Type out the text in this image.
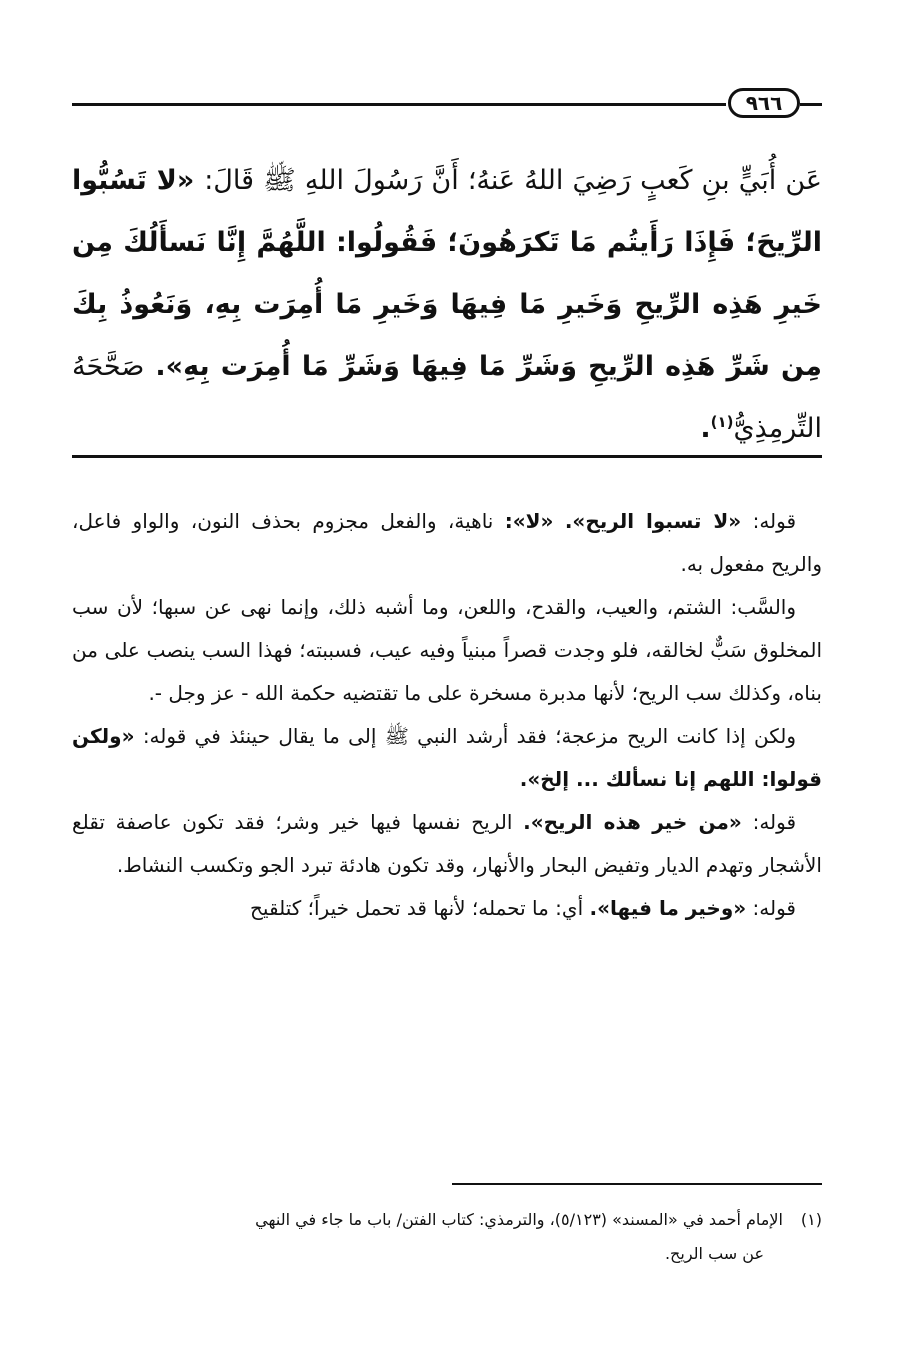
٩٦٦

عَن أُبَيٍّ بنِ كَعبٍ رَضِيَ اللهُ عَنهُ؛ أَنَّ رَسُولَ اللهِ ﷺ قَالَ: «لا تَسُبُّوا الرِّيحَ؛ فَإِذَا رَأَيتُم مَا تَكرَهُونَ؛ فَقُولُوا: اللَّهُمَّ إِنَّا نَسأَلُكَ مِن خَيرِ هَذِه الرِّيحِ وَخَيرِ مَا فِيهَا وَخَيرِ مَا أُمِرَت بِهِ، وَنَعُوذُ بِكَ مِن شَرِّ هَذِه الرِّيحِ وَشَرِّ مَا فِيهَا وَشَرِّ مَا أُمِرَت بِهِ». صَحَّحَهُ التِّرمِذِيُّ$^{(١)}$.

قوله: «لا تسبوا الريح». «لا»: ناهية، والفعل مجزوم بحذف النون، والواو فاعل، والريح مفعول به.

والسَّب: الشتم، والعيب، والقدح، واللعن، وما أشبه ذلك، وإنما نهى عن سبها؛ لأن سب المخلوق سَبٌّ لخالقه، فلو وجدت قصراً مبنياً وفيه عيب، فسببته؛ فهذا السب ينصب على من بناه، وكذلك سب الريح؛ لأنها مدبرة مسخرة على ما تقتضيه حكمة الله - عز وجل -.

ولكن إذا كانت الريح مزعجة؛ فقد أرشد النبي ﷺ إلى ما يقال حينئذ في قوله: «ولكن قولوا: اللهم إنا نسألك ... إلخ».

قوله: «من خير هذه الريح». الريح نفسها فيها خير وشر؛ فقد تكون عاصفة تقلع الأشجار وتهدم الديار وتفيض البحار والأنهار، وقد تكون هادئة تبرد الجو وتكسب النشاط.

قوله: «وخير ما فيها». أي: ما تحمله؛ لأنها قد تحمل خيراً؛ كتلقيح

(١)الإمام أحمد في «المسند» (٥/١٢٣)، والترمذي: كتاب الفتن/ باب ما جاء في النهي
عن سب الريح.
